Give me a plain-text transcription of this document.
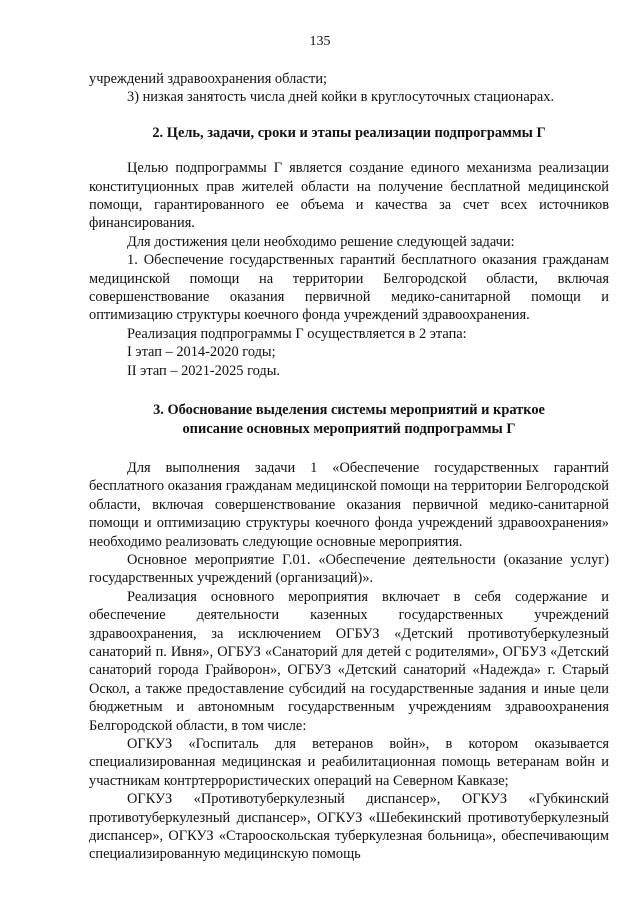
135

учреждений здравоохранения области;

3) низкая занятость числа дней койки в круглосуточных стационарах.

2. Цель, задачи, сроки и этапы реализации подпрограммы Г

Целью подпрограммы Г является создание единого механизма реализации конституционных прав жителей области на получение бесплатной медицинской помощи, гарантированного ее объема и качества за счет всех источников финансирования.

Для достижения цели необходимо решение следующей задачи:

1. Обеспечение государственных гарантий бесплатного оказания гражданам медицинской помощи на территории Белгородской области, включая совершенствование оказания первичной медико-санитарной помощи и оптимизацию структуры коечного фонда учреждений здравоохранения.

Реализация подпрограммы Г осуществляется в 2 этапа:

I этап – 2014-2020 годы;

II этап – 2021-2025 годы.

3. Обоснование выделения системы мероприятий и краткое

описание основных мероприятий подпрограммы Г

Для выполнения задачи 1 «Обеспечение государственных гарантий бесплатного оказания гражданам медицинской помощи на территории Белгородской области, включая совершенствование оказания первичной медико-санитарной помощи и оптимизацию структуры коечного фонда учреждений здравоохранения» необходимо реализовать следующие основные мероприятия.

Основное мероприятие Г.01. «Обеспечение деятельности (оказание услуг) государственных учреждений (организаций)».

Реализация основного мероприятия включает в себя содержание и обеспечение деятельности казенных государственных учреждений здравоохранения, за исключением ОГБУЗ «Детский противотуберкулезный санаторий п. Ивня», ОГБУЗ «Санаторий для детей с родителями», ОГБУЗ «Детский санаторий города Грайворон», ОГБУЗ «Детский санаторий «Надежда» г. Старый Оскол, а также предоставление субсидий на государственные задания и иные цели бюджетным и автономным государственным учреждениям здравоохранения Белгородской области, в том числе:

ОГКУЗ «Госпиталь для ветеранов войн», в котором оказывается специализированная медицинская и реабилитационная помощь ветеранам войн и участникам контртеррористических операций на Северном Кавказе;

ОГКУЗ «Противотуберкулезный диспансер», ОГКУЗ «Губкинский противотуберкулезный диспансер», ОГКУЗ «Шебекинский противотуберкулезный диспансер», ОГКУЗ «Старооскольская туберкулезная больница», обеспечивающим специализированную медицинскую помощь
